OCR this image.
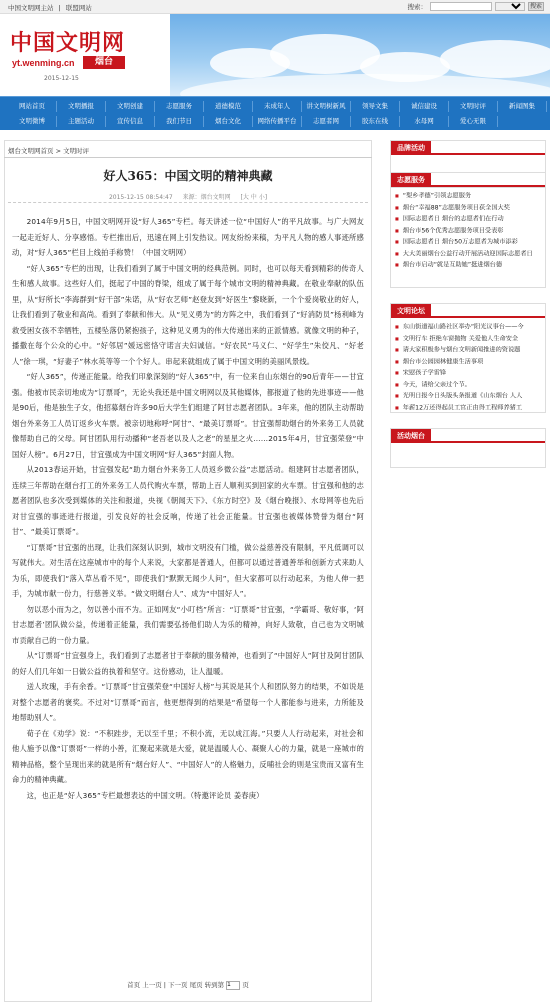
中国文明网主站 | 联盟网站	搜索：	搜索
中国文明网
yt.wenming.cn	烟台
2015-12-15
网站首页	文明播报	文明创建	志愿服务	道德模范	未成年人	讲文明树新风	领导文集	诚信建设	文明时评	新闻图集
文明微博	主题活动	宣传信息	我们节日	烟台文化	网络传播平台	志愿者网	胶东在线	水母网	爱心无限
烟台文明网首页 > 文明时评
好人365：中国文明的精神典藏
2015-12-15 08:54:47 来源：烟台文明网 [大 中 小]

2014年9月5日，中国文明网开设“好人365”专栏。每天讲述一位“中国好人”的平凡故事。与广大网友一起走近好人、分享感悟。专栏推出后，迅速在网上引发热议。网友纷纷来稿，为平凡人物的感人事迹所感动，对“好人365”栏目上线拍手称赞！（中国文明网）

“好人365”专栏的出现，让我们看到了属于中国文明的经典范例。同时，也可以每天看到精彩的传奇人生和感人故事。这些好人们，挺起了中国的脊梁，组成了属于每个城市文明的精神典藏。在敬业奉献的队伍里，从“好所长”李海群到“好干部”朱诺，从“好农艺师”赵登友到“好医生”黎晓新，一个个爱岗敬业的好人，让我们看到了敬业和高尚。看到了奉献和伟大。从“见义勇为”的方阵之中，我们看到了“好消防员”杨利峰为救受困女孩不幸牺牲，五楼坠落仍紧抱孩子，这种见义勇为的伟大传递出来的正派情感。就像文明的种子，播撒在每个公众的心中。“好邻居”媛远密恪守诺言夫妇诚信。“好农民”马义仁、“好学生”朱佼凡、“好老人”徐一琪，“好妻子”林水英等等一个个好人。串起来就组成了属于中国文明的美丽风景线。

“好人365”，传递正能量。给我们印象深刻的“好人365”中，有一位来自山东烟台的90后青年——甘宜强。他被市民亲切地成为“订票哥”，无论头我还是中国文明网以及其他媒体，都报道了他的先进事迹——他是90后，他是独生子女，他招募烟台许多90后大学生们组建了阿甘志愿者团队。3年来，他的团队主动帮助烟台外来务工人员订返乡火车票。被亲切地称呼“阿甘”、“最美订票哥”。甘宜强帮助烟台的外来务工人员就像帮助自己的父母。阿甘团队用行动播种“老吾老以及人之老”的星星之火……2015年4月，甘宜强荣登“中国好人榜”。6月27日，甘宜强成为中国文明网“好人365”封面人物。

从2013春运开始，甘宜强发起“助力烟台外来务工人员返乡微公益”志愿活动。组建阿甘志愿者团队，连续三年帮助在烟台打工的外来务工人员代购火车票，帮助上百人顺利买到回家的火车票。甘宜强和他的志愿者团队也多次受到媒体的关注和报道，央视《朝闻天下》、《东方时空》及《烟台晚报》、水母网等也先后对甘宜强的事迹进行报道，引发良好的社会反响，传递了社会正能量。甘宜强也被媒体赞誉为烟台“阿甘”、“最美订票哥”。

“订票哥”甘宜强的出现，让我们深刻认识到，城市文明没有门槛，做公益慈善没有限制，平凡低调可以写就伟大。对生活在这座城市中的每个人来说，大家都是普通人，但都可以通过普通善举和创新方式来助人为乐，即使我们“落入草丛看不见”，即使我们“默默无闻少人问”，但大家都可以行动起来，为他人伸一把手，为城市献一份力，行慈善义举。“做文明烟台人”、成为“中国好人”。

勿以恶小而为之，勿以善小而不为。正如网友“小叮档”所言：“订票哥”甘宜强，“学霸哥、敬好事，‘阿甘志愿者’团队做公益，传递着正能量，我们需要弘扬他们助人为乐的精神，向好人致敬，自己也为文明城市贡献自己的一份力量。

从“订票哥”甘宜强身上，我们看到了志愿者甘于奉献的服务精神，也看到了“中国好人”阿甘及阿甘团队的好人们几年如一日做公益的执着和坚守。这份感动，让人温暖。

送人玫瑰，手有余香。“订票哥”甘宜强荣登“中国好人榜”与其说是其个人和团队努力的结果，不如说是对整个志愿者的褒奖。不过对“订票哥”而言，他更想得到的结果是“希望每一个人都能参与进来，力所能及地帮助别人”。

荀子在《劝学》说：“不积跬步，无以至千里；不积小流，无以成江海。”只要人人行动起来，对社会和他人施予以像“订票哥”一样的小善，汇聚起来就是大爱，就是温暖人心、凝聚人心的力量，就是一座城市的精神品格，整个呈现出来的就是所有“烟台好人”、“中国好人”的人格魅力，反哺社会的则是宝贵而又富有生命力的精神典藏。

这，也正是“好人365”专栏最想表达的中国文明。（特邀评论员 姜春庚）

首页 上一页 | 下一页 尾页 转到第 1	页
品牌活动
志愿服务
■ “梨乡孝德”引领志愿服务
■ 烟台“幸福88”志愿服务项目获全国大奖
■ 国际志愿者日 烟台的志愿者们在行动
■ 烟台市56个优秀志愿服务项目受表彰
■ 国际志愿者日 烟台50万志愿者为城市添彩
■ 大大美丽烟台公益行动开展活动迎国际志愿者日
■ 烟台市启动“就是互助她”挺进烟台德
文明论坛
■ 东山街道福山路社区举办“阳光议事台——今
■ 文明行车 拒绝车窗抛物 关爱他人生命安全
■ 请大家积极参与烟台文明新闻推进的资说题
■ 烟台市公园园林健康生活事项
■ 宋慰孩子学雷锋
■ 今天，请给父亲过个节。
■ 光明日报今日头版头条报道《山东烟台 人人
■ 年薪12万还得起员工官正由得工程师养猪工
活动烟台
